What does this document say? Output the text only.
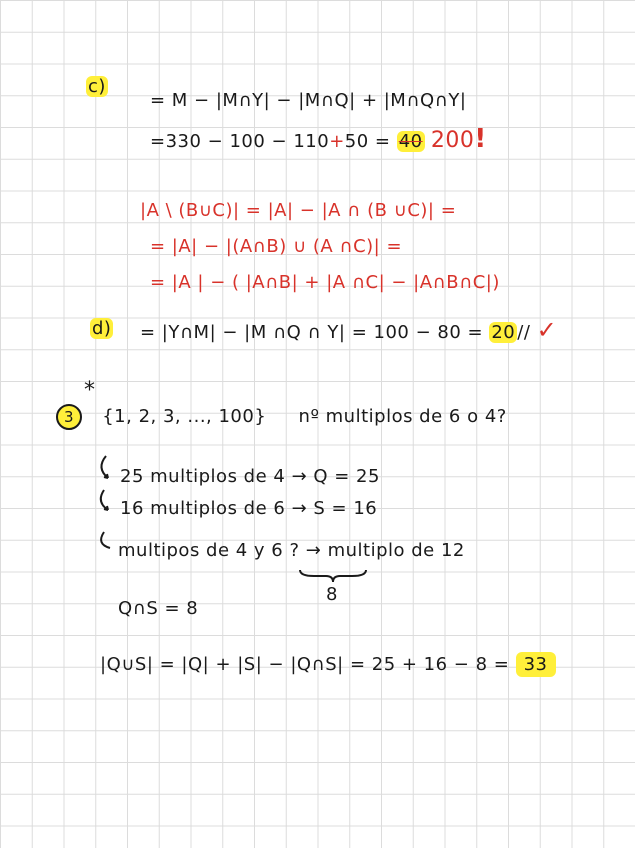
c)
= M − |M∩Y| − |M∩Q| + |M∩Q∩Y|
=330 − 100 − 110+50 = 40 200!
|A \ (B∪C)| = |A| − |A ∩ (B ∪C)| =
= |A| − |(A∩B) ∪ (A ∩C)| =
= |A | − ( |A∩B| + |A ∩C| − |A∩B∩C|)
d) = |Y∩M| − |M ∩Q ∩ Y| = 100 − 80 = 20 // ✓
*
3 {1, 2, 3, ..., 100} nº multiplos de 6 o 4?
25 multiplos de 4 → Q = 25
16 multiplos de 6 → S = 16
multipos de 4 y 6 ? → multiplo de 12
8
Q∩S = 8
|Q∪S| = |Q| + |S| − |Q∩S| = 25 + 16 − 8 = 33
